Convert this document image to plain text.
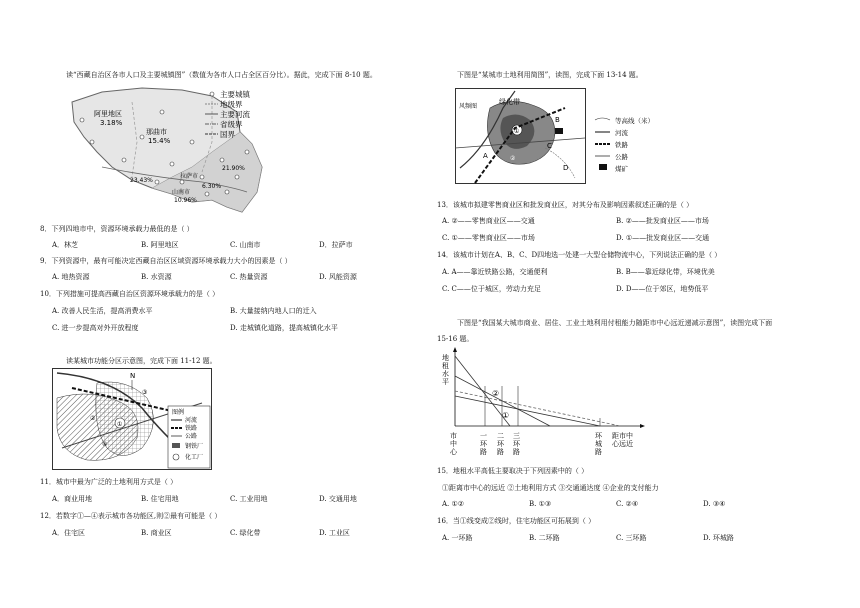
读“西藏自治区各市人口及主要城镇图”（数值为各市人口占全区百分比）。据此，完成下面 8-10 题。
阿里地区
3.18%
那曲市
15.4%
拉萨市
23.43%
山南市
10.96%
6.30%
21.90%
主要城镇
地级界
主要河流
省级界
国界
8．下列四地市中，资源环境承载力最低的是（ ）
A．林芝	B. 阿里地区	C. 山南市	D．拉萨市
9．下列资源中，最有可能决定西藏自治区区域资源环境承载力大小的因素是（ ）
A. 地热资源	B. 水资源	C. 热量资源	D. 风能资源
10．下列措施可提高西藏自治区资源环境承载力的是（ ）
A. 改善人民生活，提高消费水平	B. 大量接纳内地人口的迁入
C. 进一步提高对外开放程度	D. 走城镇化道路，提高城镇化水平
读某城市功能分区示意图，完成下面 11-12 题。
①
②
③
④
N
图例
河流
铁路
公路
钢铁厂
化工厂
11．城市中最为广泛的土地利用方式是（ ）
A．商业用地	B. 住宅用地	C. 工业用地	D. 交通用地
12．若数字①—④表示城市各功能区,则②最有可能是（ ）
A．住宅区	B. 商业区	C. 绿化带	D. 工业区
下图是“某城市土地利用简图”，读图，完成下面 13-14 题。
①
②
绿化带
风频图
A
B
C
D
等高线（米）
河流
铁路
公路
煤矿
13．该城市拟建零售商业区和批发商业区，对其分布及影响因素叙述正确的是（ ）
A. ②——零售商业区——交通	B. ②——批发商业区——市场
C. ①——零售商业区——市场	D. ①——批发商业区——交通
14．该城市计划在A、B、C、D四地选一处建一大型仓储物流中心，下列说法正确的是（ ）
A. A——靠近铁路公路，交通便利	B. B——靠近绿化带，环境优美
C. C——位于城区，劳动力充足	D. D——位于郊区，地势低平
下图是“我国某大城市商业、居住、工业土地利用付租能力随距市中心远近递减示意图”，读图完成下面
15-16 题。
②
①
地
租
水
平
市
中
心
一
环
路
二
环
路
三
环
路
环
城
路
距市中
心远近
15．地租水平高低主要取决于下列因素中的（ ）
①距离市中心的远近 ②土地利用方式 ③交通通达度 ④企业的支付能力
A. ①②	B. ①③	C. ②④	D. ③④
16．当①线变成②线时，住宅功能区可拓展到（ ）
A. 一环路	B. 二环路	C. 三环路	D. 环城路
